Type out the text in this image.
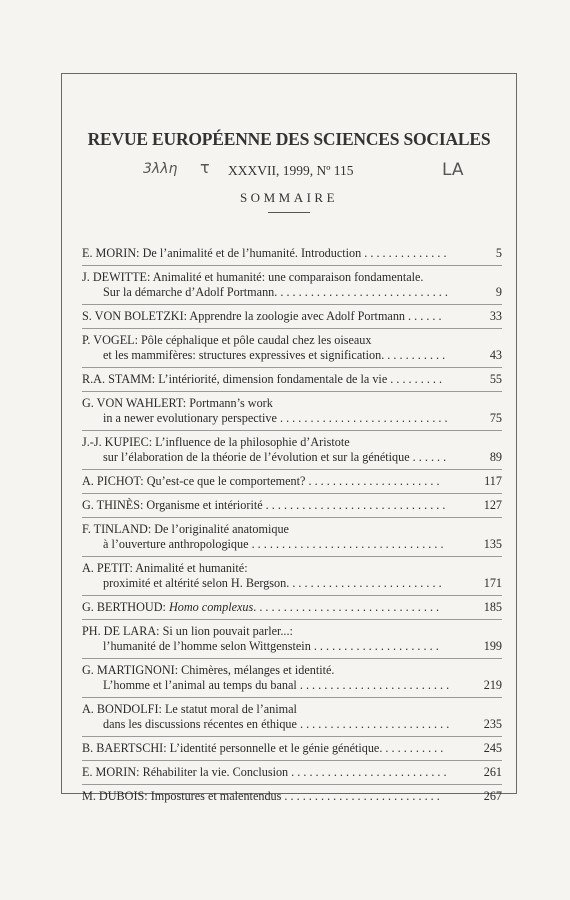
REVUE EUROPÉENNE DES SCIENCES SOCIALES
3λλη τ	LA
XXXVII, 1999, Nº 115
SOMMAIRE
E. MORIN: De l’animalité et de l’humanité. Introduction . . . . . . . . . . . . . .	5
J. DEWITTE: Animalité et humanité: une comparaison fondamentale.
Sur la démarche d’Adolf Portmann. . . . . . . . . . . . . . . . . . . . . . . . . . . . .	9
S. VON BOLETZKI: Apprendre la zoologie avec Adolf Portmann . . . . . .	33
P. VOGEL: Pôle céphalique et pôle caudal chez les oiseaux
et les mammifères: structures expressives et signification. . . . . . . . . . .	43
R.A. STAMM: L’intériorité, dimension fondamentale de la vie . . . . . . . . .	55
G. VON WAHLERT: Portmann’s work
in a newer evolutionary perspective . . . . . . . . . . . . . . . . . . . . . . . . . . . .	75
J.-J. KUPIEC: L’influence de la philosophie d’Aristote
sur l’élaboration de la théorie de l’évolution et sur la génétique . . . . . .	89
A. PICHOT: Qu’est-ce que le comportement? . . . . . . . . . . . . . . . . . . . . . .	117
G. THINÈS: Organisme et intériorité . . . . . . . . . . . . . . . . . . . . . . . . . . . . . .	127
F. TINLAND: De l’originalité anatomique
à l’ouverture anthropologique . . . . . . . . . . . . . . . . . . . . . . . . . . . . . . . .	135
A. PETIT: Animalité et humanité:
proximité et altérité selon H. Bergson. . . . . . . . . . . . . . . . . . . . . . . . . .	171
G. BERTHOUD: Homo complexus. . . . . . . . . . . . . . . . . . . . . . . . . . . . . . .	185
PH. DE LARA: Si un lion pouvait parler...:
l’humanité de l’homme selon Wittgenstein . . . . . . . . . . . . . . . . . . . . .	199
G. MARTIGNONI: Chimères, mélanges et identité.
L’homme et l’animal au temps du banal . . . . . . . . . . . . . . . . . . . . . . . . .	219
A. BONDOLFI: Le statut moral de l’animal
dans les discussions récentes en éthique . . . . . . . . . . . . . . . . . . . . . . . . .	235
B. BAERTSCHI: L’identité personnelle et le génie génétique. . . . . . . . . . .	245
E. MORIN: Réhabiliter la vie. Conclusion . . . . . . . . . . . . . . . . . . . . . . . . . .	261
M. DUBOIS: Impostures et malentendus . . . . . . . . . . . . . . . . . . . . . . . . . .	267
